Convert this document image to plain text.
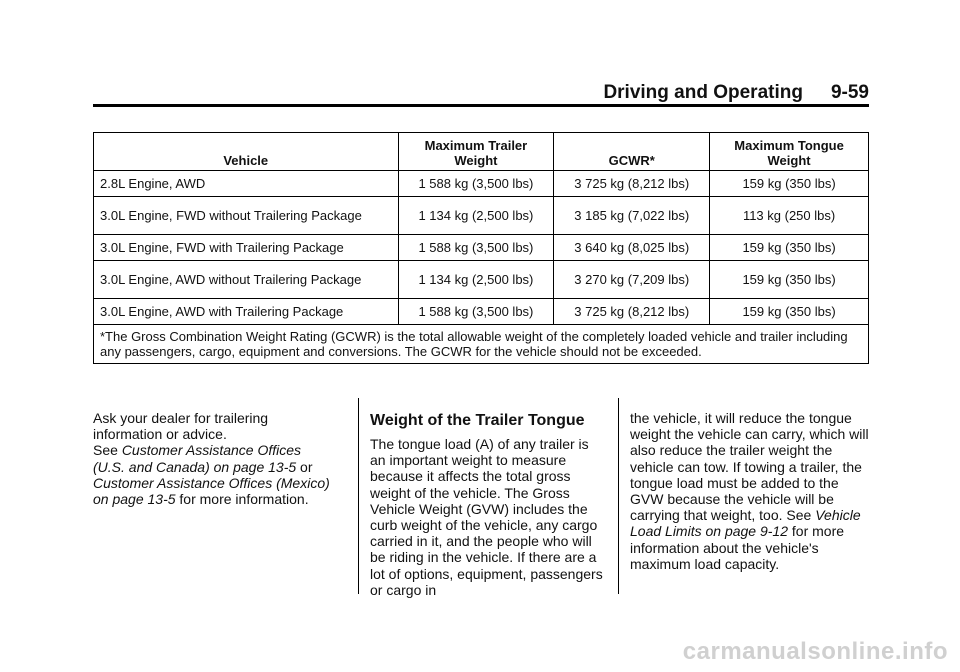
Driving and Operating 9-59
Vehicle	Maximum Trailer Weight	GCWR*	Maximum Tongue Weight
2.8L Engine, AWD	1 588 kg (3,500 lbs)	3 725 kg (8,212 lbs)	159 kg (350 lbs)
3.0L Engine, FWD without Trailering Package	1 134 kg (2,500 lbs)	3 185 kg (7,022 lbs)	113 kg (250 lbs)
3.0L Engine, FWD with Trailering Package	1 588 kg (3,500 lbs)	3 640 kg (8,025 lbs)	159 kg (350 lbs)
3.0L Engine, AWD without Trailering Package	1 134 kg (2,500 lbs)	3 270 kg (7,209 lbs)	159 kg (350 lbs)
3.0L Engine, AWD with Trailering Package	1 588 kg (3,500 lbs)	3 725 kg (8,212 lbs)	159 kg (350 lbs)
*The Gross Combination Weight Rating (GCWR) is the total allowable weight of the completely loaded vehicle and trailer including any passengers, cargo, equipment and conversions. The GCWR for the vehicle should not be exceeded.			
Ask your dealer for trailering information or advice.
See Customer Assistance Offices (U.S. and Canada) on page 13-5 or Customer Assistance Offices (Mexico) on page 13-5 for more information.
Weight of the Trailer Tongue
The tongue load (A) of any trailer is an important weight to measure because it affects the total gross weight of the vehicle. The Gross Vehicle Weight (GVW) includes the curb weight of the vehicle, any cargo carried in it, and the people who will be riding in the vehicle. If there are a lot of options, equipment, passengers or cargo in
the vehicle, it will reduce the tongue weight the vehicle can carry, which will also reduce the trailer weight the vehicle can tow. If towing a trailer, the tongue load must be added to the GVW because the vehicle will be carrying that weight, too. See Vehicle Load Limits on page 9-12 for more information about the vehicle's maximum load capacity.
carmanualsonline.info
